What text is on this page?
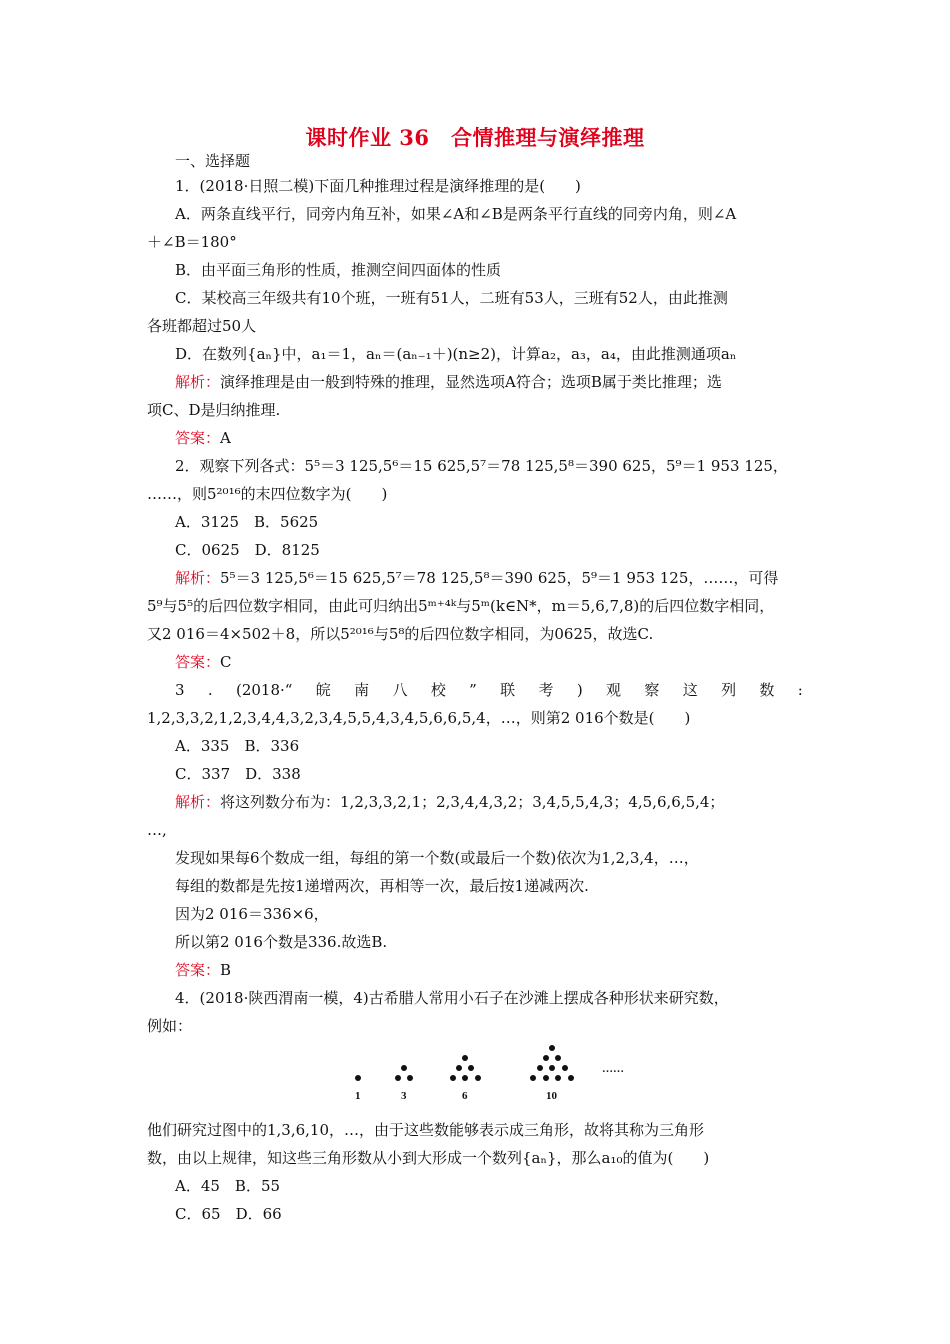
课时作业 36　合情推理与演绎推理
一、选择题
1．(2018·日照二模)下面几种推理过程是演绎推理的是(　　)
A．两条直线平行，同旁内角互补，如果∠A和∠B是两条平行直线的同旁内角，则∠A
＋∠B＝180°
B．由平面三角形的性质，推测空间四面体的性质
C．某校高三年级共有10个班，一班有51人，二班有53人，三班有52人，由此推测
各班都超过50人
D．在数列{aₙ}中，a₁＝1，aₙ＝(aₙ₋₁＋)(n≥2)，计算a₂，a₃，a₄，由此推测通项aₙ
解析：演绎推理是由一般到特殊的推理，显然选项A符合；选项B属于类比推理；选
项C、D是归纳推理.
答案：A
2．观察下列各式：5⁵＝3 125,5⁶＝15 625,5⁷＝78 125,5⁸＝390 625，5⁹＝1 953 125，
……，则5²⁰¹⁶的末四位数字为(　　)
A．3125　B．5625
C．0625　D．8125
解析：5⁵＝3 125,5⁶＝15 625,5⁷＝78 125,5⁸＝390 625，5⁹＝1 953 125，……，可得
5⁹与5⁵的后四位数字相同，由此可归纳出5ᵐ⁺⁴ᵏ与5ᵐ(k∈N*，m＝5,6,7,8)的后四位数字相同，
又2 016＝4×502＋8，所以5²⁰¹⁶与5⁸的后四位数字相同，为0625，故选C.
答案：C
3 . (2018·“ 皖 南 八 校 ” 联 考 ) 观 察 这 列 数 :
1,2,3,3,2,1,2,3,4,4,3,2,3,4,5,5,4,3,4,5,6,6,5,4，…，则第2 016个数是(　　)
A．335　B．336
C．337　D．338
解析：将这列数分布为：1,2,3,3,2,1；2,3,4,4,3,2；3,4,5,5,4,3；4,5,6,6,5,4；
…,
发现如果每6个数成一组，每组的第一个数(或最后一个数)依次为1,2,3,4，…，
每组的数都是先按1递增两次，再相等一次，最后按1递减两次.
因为2 016＝336×6，
所以第2 016个数是336.故选B.
答案：B
4．(2018·陕西渭南一模，4)古希腊人常用小石子在沙滩上摆成各种形状来研究数，
例如：
1	3	6	10
……
他们研究过图中的1,3,6,10，…，由于这些数能够表示成三角形，故将其称为三角形
数，由以上规律，知这些三角形数从小到大形成一个数列{aₙ}，那么a₁₀的值为(　　)
A．45　B．55
C．65　D．66
